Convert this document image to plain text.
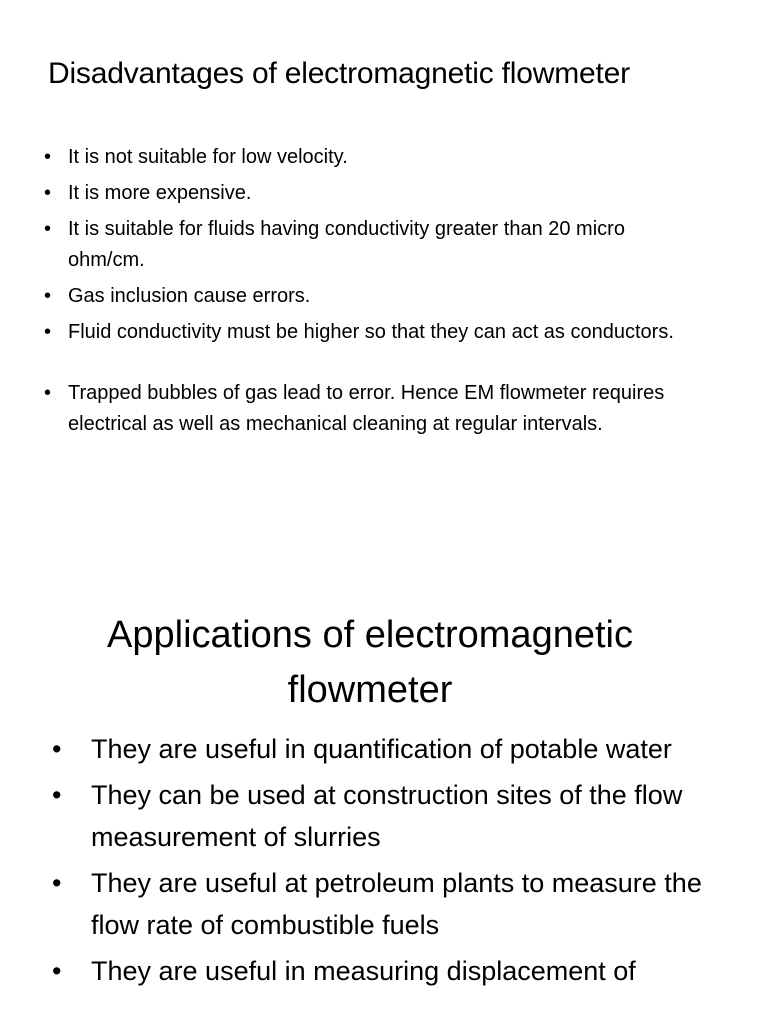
Disadvantages of electromagnetic flowmeter
• It is not suitable for low velocity.
• It is more expensive.
• It is suitable for fluids having conductivity greater than 20 micro ohm/cm.
• Gas inclusion cause errors.
• Fluid conductivity must be higher so that they can act as conductors.
• Trapped bubbles of gas lead to error. Hence EM flowmeter requires electrical as well as mechanical cleaning at regular intervals.
Applications of electromagnetic flowmeter
• They are useful in quantification of potable water
• They can be used at construction sites of the flow measurement of slurries
• They are useful at petroleum plants to measure the flow rate of combustible fuels
• They are useful in measuring displacement of
